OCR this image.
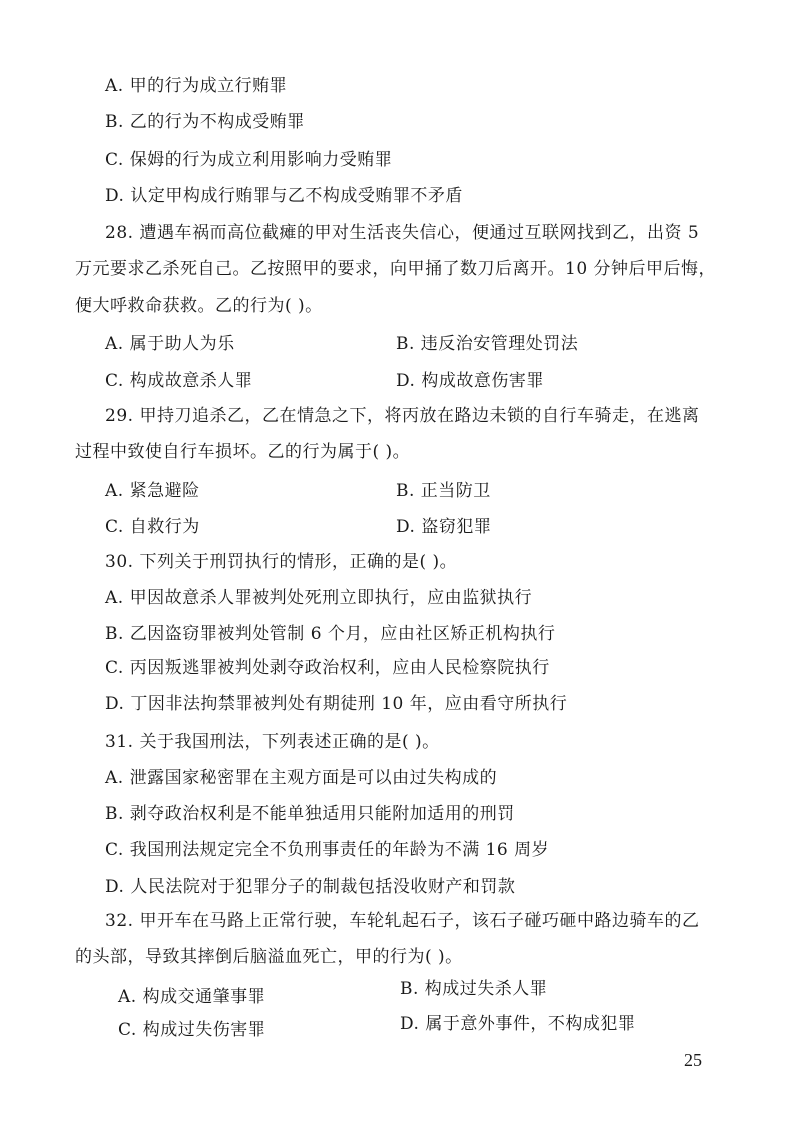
A. 甲的行为成立行贿罪
B. 乙的行为不构成受贿罪
C. 保姆的行为成立利用影响力受贿罪
D. 认定甲构成行贿罪与乙不构成受贿罪不矛盾
28. 遭遇车祸而高位截瘫的甲对生活丧失信心，便通过互联网找到乙，出资 5
万元要求乙杀死自己。乙按照甲的要求，向甲捅了数刀后离开。10 分钟后甲后悔，
便大呼救命获救。乙的行为( )。
A. 属于助人为乐	B. 违反治安管理处罚法
C. 构成故意杀人罪	D. 构成故意伤害罪
29. 甲持刀追杀乙，乙在情急之下，将丙放在路边未锁的自行车骑走，在逃离
过程中致使自行车损坏。乙的行为属于( )。
A. 紧急避险	B. 正当防卫
C. 自救行为	D. 盗窃犯罪
30. 下列关于刑罚执行的情形，正确的是( )。
A. 甲因故意杀人罪被判处死刑立即执行，应由监狱执行
B. 乙因盗窃罪被判处管制 6 个月，应由社区矫正机构执行
C. 丙因叛逃罪被判处剥夺政治权利，应由人民检察院执行
D. 丁因非法拘禁罪被判处有期徒刑 10 年，应由看守所执行
31. 关于我国刑法，下列表述正确的是( )。
A. 泄露国家秘密罪在主观方面是可以由过失构成的
B. 剥夺政治权利是不能单独适用只能附加适用的刑罚
C. 我国刑法规定完全不负刑事责任的年龄为不满 16 周岁
D. 人民法院对于犯罪分子的制裁包括没收财产和罚款
32. 甲开车在马路上正常行驶，车轮轧起石子，该石子碰巧砸中路边骑车的乙
的头部，导致其摔倒后脑溢血死亡，甲的行为( )。
A. 构成交通肇事罪	B. 构成过失杀人罪
C. 构成过失伤害罪	D. 属于意外事件，不构成犯罪
25
